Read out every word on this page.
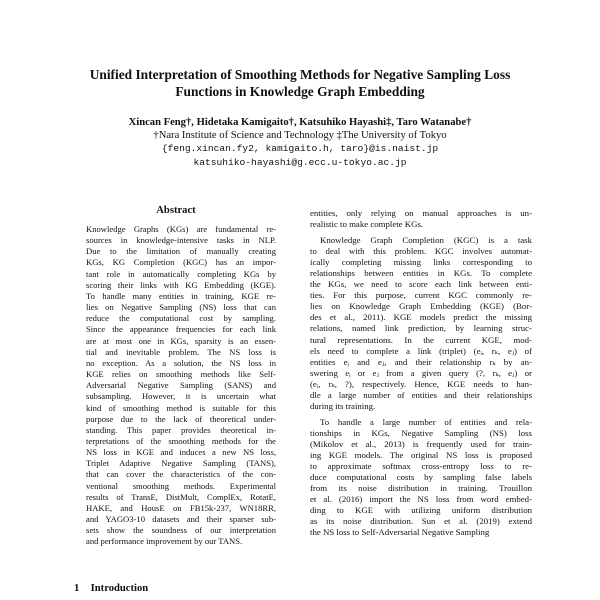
Unified Interpretation of Smoothing Methods for Negative Sampling Loss
Functions in Knowledge Graph Embedding
Xincan Feng†, Hidetaka Kamigaito†, Katsuhiko Hayashi‡, Taro Watanabe†
†Nara Institute of Science and Technology ‡The University of Tokyo
{feng.xincan.fy2, kamigaito.h, taro}@is.naist.jp
katsuhiko-hayashi@g.ecc.u-tokyo.ac.jp
Abstract
Knowledge Graphs (KGs) are fundamental re-
sources in knowledge-intensive tasks in NLP.
Due to the limitation of manually creating
KGs, KG Completion (KGC) has an impor-
tant role in automatically completing KGs by
scoring their links with KG Embedding (KGE).
To handle many entities in training, KGE re-
lies on Negative Sampling (NS) loss that can
reduce the computational cost by sampling.
Since the appearance frequencies for each link
are at most one in KGs, sparsity is an essen-
tial and inevitable problem. The NS loss is
no exception. As a solution, the NS loss in
KGE relies on smoothing methods like Self-
Adversarial Negative Sampling (SANS) and
subsampling. However, it is uncertain what
kind of smoothing method is suitable for this
purpose due to the lack of theoretical under-
standing. This paper provides theoretical in-
terpretations of the smoothing methods for the
NS loss in KGE and induces a new NS loss,
Triplet Adaptive Negative Sampling (TANS),
that can cover the characteristics of the con-
ventional smoothing methods. Experimental
results of TransE, DistMult, ComplEx, RotatE,
HAKE, and HousE on FB15k-237, WN18RR,
and YAGO3-10 datasets and their sparser sub-
sets show the soundness of our interpretation
and performance improvement by our TANS.
entities, only relying on manual approaches is un-
realistic to make complete KGs.
Knowledge Graph Completion (KGC) is a task
to deal with this problem. KGC involves automat-
ically completing missing links corresponding to
relationships between entities in KGs. To complete
the KGs, we need to score each link between enti-
ties. For this purpose, current KGC commonly re-
lies on Knowledge Graph Embedding (KGE) (Bor-
des et al., 2011). KGE models predict the missing
relations, named link prediction, by learning struc-
tural representations. In the current KGE, mod-
els need to complete a link (triplet) (eᵢ, rₖ, eⱼ) of
entities eᵢ and eⱼ, and their relationship rₖ by an-
swering eᵢ or eⱼ from a given query (?, rₖ, eⱼ) or
(eᵢ, rₖ, ?), respectively. Hence, KGE needs to han-
dle a large number of entities and their relationships
during its training.
To handle a large number of entities and rela-
tionships in KGs, Negative Sampling (NS) loss
(Mikolov et al., 2013) is frequently used for train-
ing KGE models. The original NS loss is proposed
to approximate softmax cross-entropy loss to re-
duce computational costs by sampling false labels
from its noise distribution in training. Trouillon
et al. (2016) import the NS loss from word embed-
ding to KGE with utilizing uniform distribution
as its noise distribution. Sun et al. (2019) extend
the NS loss to Self-Adversarial Negative Sampling
1 Introduction
